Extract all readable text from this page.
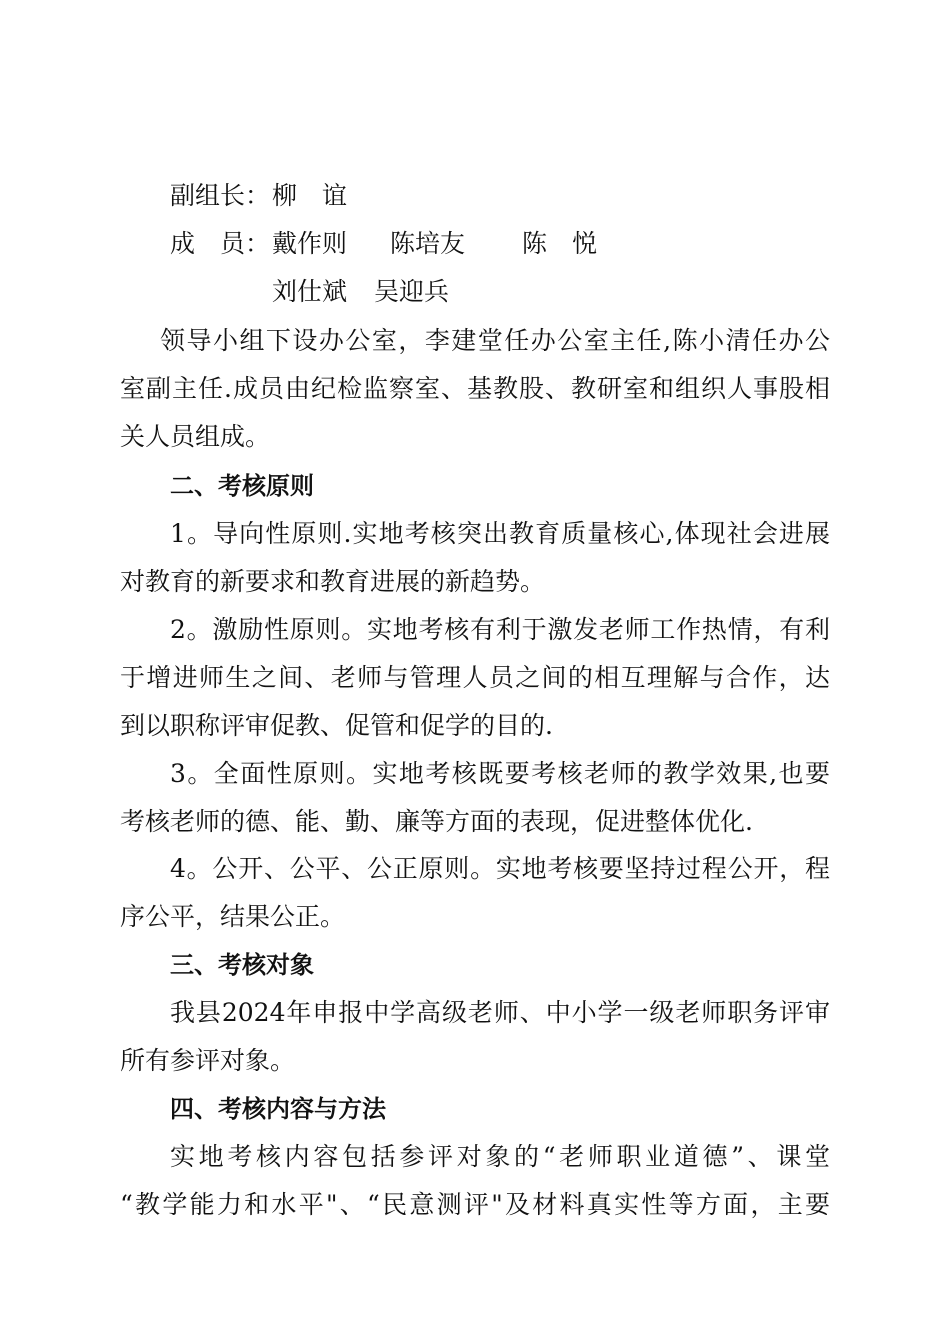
副组长： 柳　谊
成　员： 戴作则 陈培友 陈　悦
刘仕斌 吴迎兵
领导小组下设办公室，李建堂任办公室主任,陈小清任办公
室副主任.成员由纪检监察室、基教股、教研室和组织人事股相
关人员组成。
二、考核原则
1。导向性原则.实地考核突出教育质量核心,体现社会进展
对教育的新要求和教育进展的新趋势。
2。激励性原则。实地考核有利于激发老师工作热情，有利
于增进师生之间、老师与管理人员之间的相互理解与合作，达
到以职称评审促教、促管和促学的目的.
3。全面性原则。实地考核既要考核老师的教学效果,也要
考核老师的德、能、勤、廉等方面的表现，促进整体优化.
4。公开、公平、公正原则。实地考核要坚持过程公开，程
序公平，结果公正。
三、考核对象
我县2024年申报中学高级老师、中小学一级老师职务评审
所有参评对象。
四、考核内容与方法
实地考核内容包括参评对象的“老师职业道德”、课堂
“教学能力和水平"、“民意测评"及材料真实性等方面，主要
